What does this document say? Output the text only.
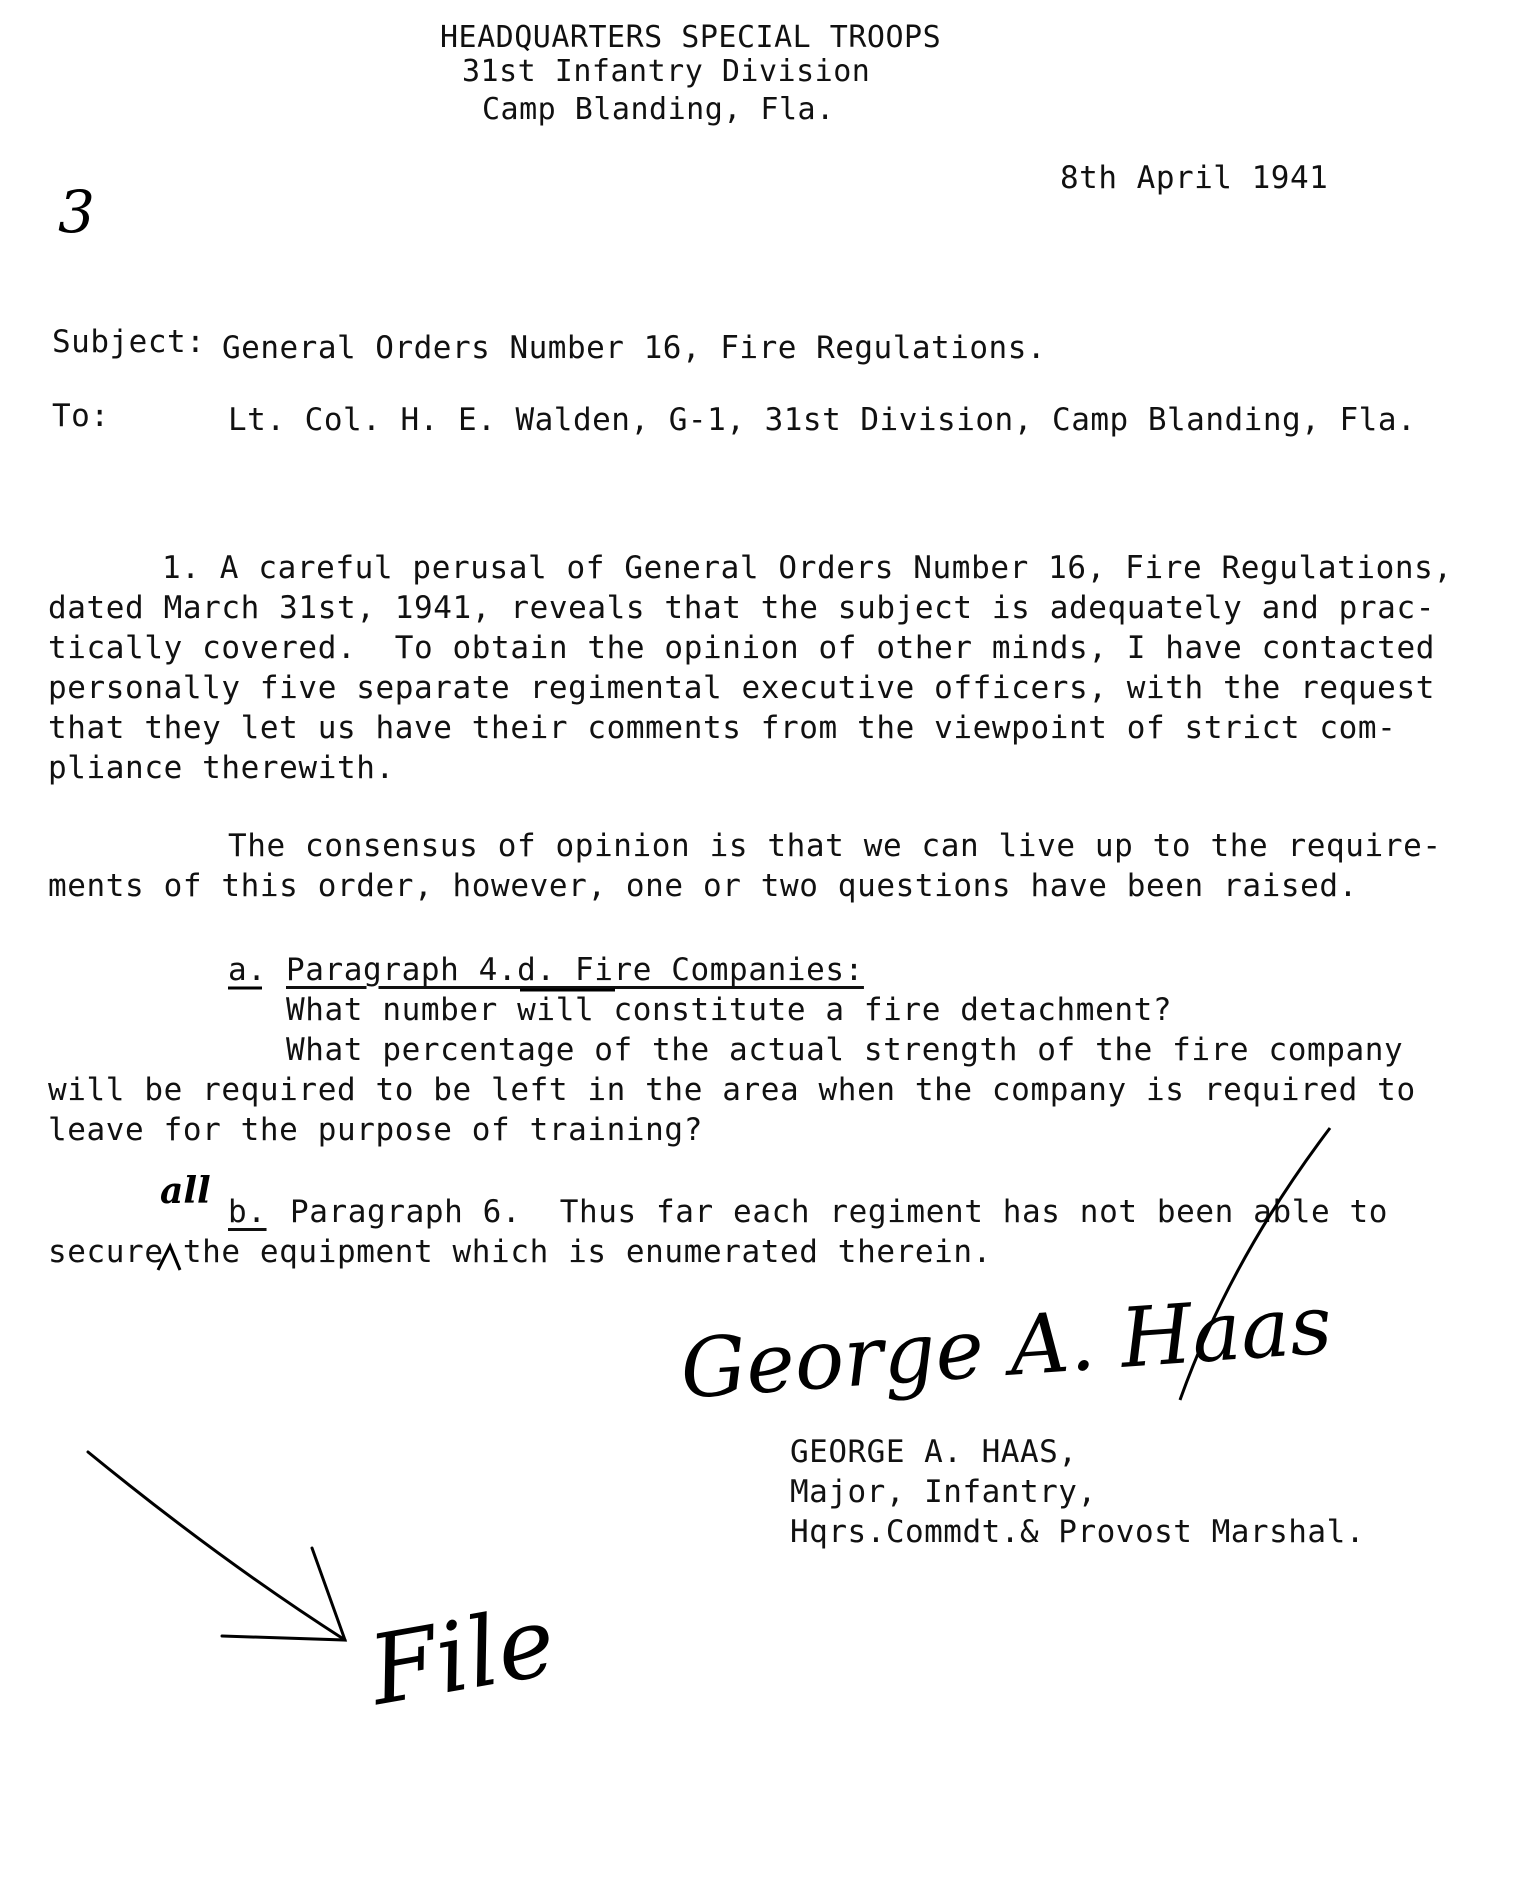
HEADQUARTERS SPECIAL TROOPS
31st Infantry Division
Camp Blanding, Fla.
3	8th April 1941
Subject: General Orders Number 16, Fire Regulations.
To:	Lt. Col. H. E. Walden, G-1, 31st Division, Camp Blanding, Fla.
1. A careful perusal of General Orders Number 16, Fire Regulations,
dated March 31st, 1941, reveals that the subject is adequately and prac-
tically covered.  To obtain the opinion of other minds, I have contacted
personally five separate regimental executive officers, with the request
that they let us have their comments from the viewpoint of strict com-
pliance therewith.
The consensus of opinion is that we can live up to the require-
ments of this order, however, one or two questions have been raised.
a. Paragraph 4.d. Fire Companies:
What number will constitute a fire detachment?
What percentage of the actual strength of the fire company
will be required to be left in the area when the company is required to
leave for the purpose of training?
all b. Paragraph 6.  Thus far each regiment has not been able to
secure the equipment which is enumerated therein.
George A. Haas
GEORGE A. HAAS,
Major, Infantry,
Hqrs.Commdt.& Provost Marshal.
File
